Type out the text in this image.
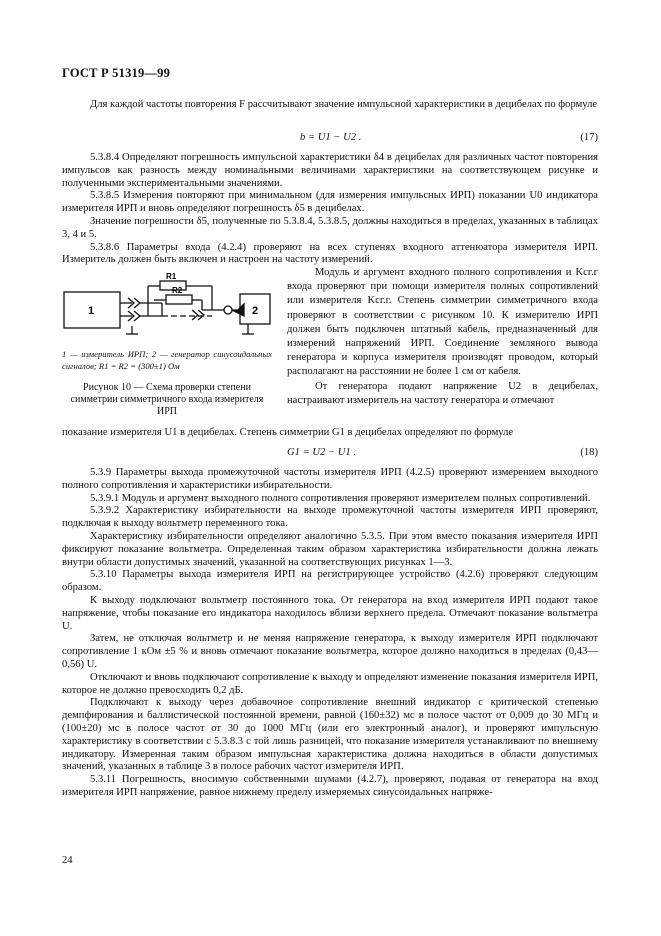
ГОСТ Р 51319—99

Для каждой частоты повторения F рассчитывают значение импульсной характеристики в децибелах по формуле

b = U1 − U2 .	(17)

5.3.8.4 Определяют погрешность импульсной характеристики δ4 в децибелах для различных частот повторения импульсов как разность между номинальными величинами характеристики на соответствующем рисунке и полученными экспериментальными значениями.

5.3.8.5 Измерения повторяют при минимальном (для измерения импульсных ИРП) показании U0 индикатора измерителя ИРП и вновь определяют погрешность δ5 в децибелах.

Значение погрешности δ5, полученные по 5.3.8.4, 5.3.8.5, должны находиться в пределах, указанных в таблицах 3, 4 и 5.

5.3.8.6 Параметры входа (4.2.4) проверяют на всех ступенях входного аттенюатора измерителя ИРП. Измеритель должен быть включен и настроен на частоту измерений.

1	2
R1
R2
1 — измеритель ИРП; 2 — генератор синусоидальных сигналов; R1 = R2 = (300±1) Ом
Рисунок 10 — Схема проверки степени симметрии симметричного входа измерителя ИРП

Модуль и аргумент входного полного сопротивления и Kсг.г входа проверяют при помощи измерителя полных сопротивлений или измерителя Kсг.г. Степень симметрии симметричного входа проверяют в соответствии с рисунком 10. К измерителю ИРП должен быть подключен штатный кабель, предназначенный для измерений напряжений ИРП. Соединение земляного вывода генератора и корпуса измерителя производят проводом, который располагают на расстоянии не более 1 см от кабеля.

От генератора подают напряжение U2 в децибелах, настраивают измеритель на частоту генератора и отмечают

показание измерителя U1 в децибелах. Степень симметрии G1 в децибелах определяют по формуле

G1 = U2 − U1 .	(18)

5.3.9 Параметры выхода промежуточной частоты измерителя ИРП (4.2.5) проверяют измерением выходного полного сопротивления и характеристики избирательности.

5.3.9.1 Модуль и аргумент выходного полного сопротивления проверяют измерителем полных сопротивлений.

5.3.9.2 Характеристику избирательности на выходе промежуточной частоты измерителя ИРП проверяют, подключая к выходу вольтметр переменного тока.

Характеристику избирательности определяют аналогично 5.3.5. При этом вместо показания измерителя ИРП фиксируют показание вольтметра. Определенная таким образом характеристика избирательности должна лежать внутри области допустимых значений, указанной на соответствующих рисунках 1—3.

5.3.10 Параметры выхода измерителя ИРП на регистрирующее устройство (4.2.6) проверяют следующим образом.

К выходу подключают вольтметр постоянного тока. От генератора на вход измерителя ИРП подают такое напряжение, чтобы показание его индикатора находилось вблизи верхнего предела. Отмечают показание вольтметра U.

Затем, не отключая вольтметр и не меняя напряжение генератора, к выходу измерителя ИРП подключают сопротивление 1 кОм ±5 % и вновь отмечают показание вольтметра, которое должно находиться в пределах (0,43—0,56) U.

Отключают и вновь подключают сопротивление к выходу и определяют изменение показания измерителя ИРП, которое не должно превосходить 0,2 дБ.

Подключают к выходу через добавочное сопротивление внешний индикатор с критической степенью демпфирования и баллистической постоянной времени, равной (160±32) мс в полосе частот от 0,009 до 30 МГц и (100±20) мс в полосе частот от 30 до 1000 МГц (или его электронный аналог), и проверяют импульсную характеристику в соответствии с 5.3.8.3 с той лишь разницей, что показание измерителя устанавливают по внешнему индикатору. Измеренная таким образом импульсная характеристика должна находиться в области допустимых значений, указанных в таблице 3 в полосе рабочих частот измерителя ИРП.

5.3.11 Погрешность, вносимую собственными шумами (4.2.7), проверяют, подавая от генератора на вход измерителя ИРП напряжение, равное нижнему пределу измеряемых синусоидальных напряже-

24
